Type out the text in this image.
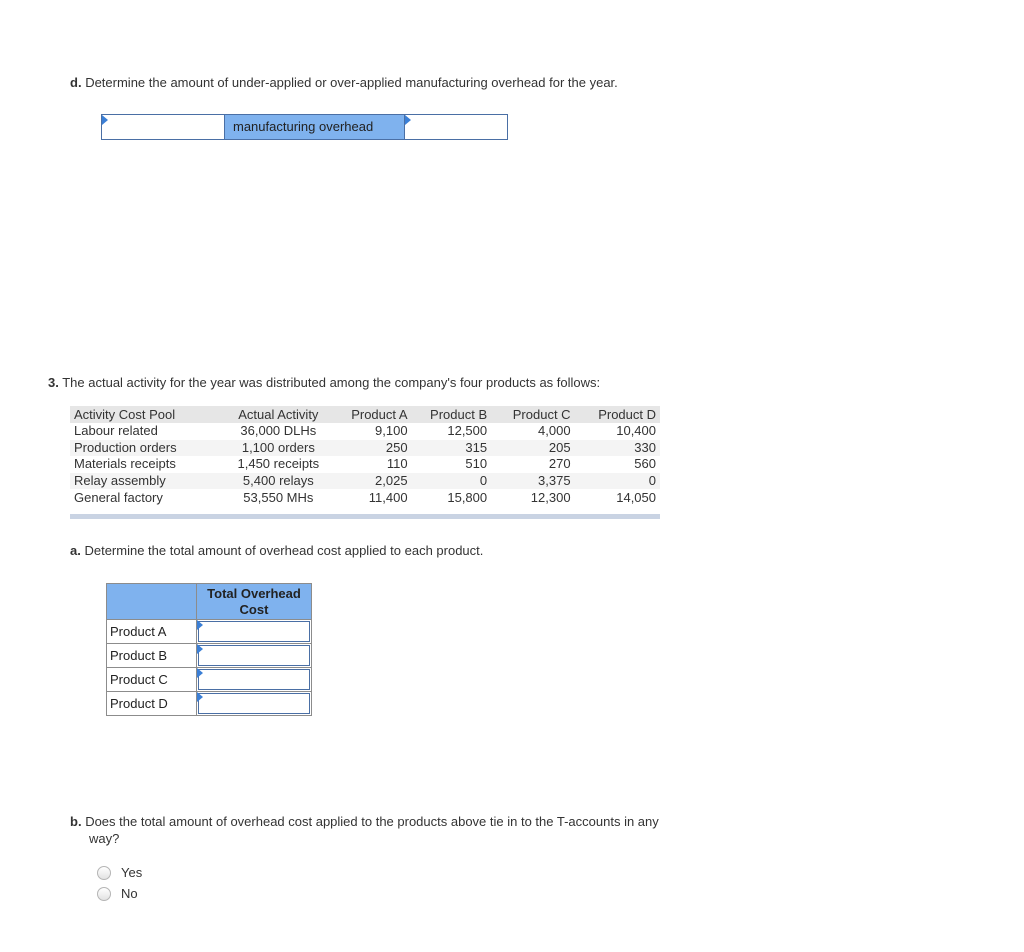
d. Determine the amount of under-applied or over-applied manufacturing overhead for the year.
manufacturing overhead
3. The actual activity for the year was distributed among the company's four products as follows:
Activity Cost Pool	Actual Activity	Product A	Product B	Product C	Product D
Labour related	36,000 DLHs	9,100	12,500	4,000	10,400
Production orders	1,100 orders	250	315	205	330
Materials receipts	1,450 receipts	110	510	270	560
Relay assembly	5,400 relays	2,025	0	3,375	0
General factory	53,550 MHs	11,400	15,800	12,300	14,050
a. Determine the total amount of overhead cost applied to each product.
	Total Overhead
Cost
Product A	

Product B	

Product C	

Product D	
b. Does the total amount of overhead cost applied to the products above tie in to the T-accounts in any
way?
Yes
No
